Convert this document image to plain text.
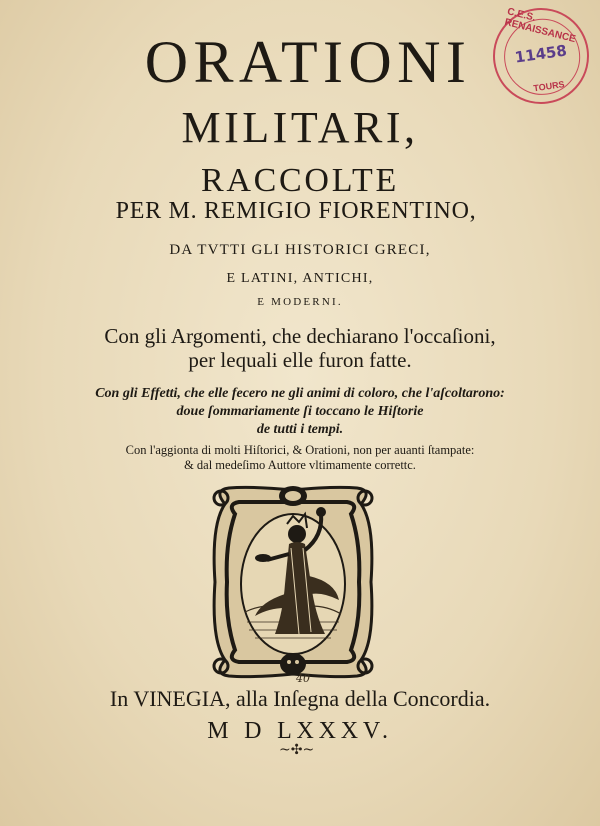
ORATIONI
MILITARI,
RACCOLTE
PER M. REMIGIO FIORENTINO,
DA TVTTI GLI HISTORICI GRECI,
E LATINI, ANTICHI,
E MODERNI.
Con gli Argomenti, che dechiarano l'occaſioni,
per lequali elle furon fatte.
Con gli Effetti, che elle fecero ne gli animi di coloro, che l'aſcoltarono:
doue ſommariamente ſi toccano le Hiſtorie
de tutti i tempi.
Con l'aggionta di molti Hiſtorici, & Orationi, non per auanti ſtampate:
& dal medeſimo Auttore vltimamente correttc.
40
In VINEGIA, alla Inſegna della Concordia.
M D LXXXV.
~✣~
C.E.S. RENAISSANCE
11458
TOURS
